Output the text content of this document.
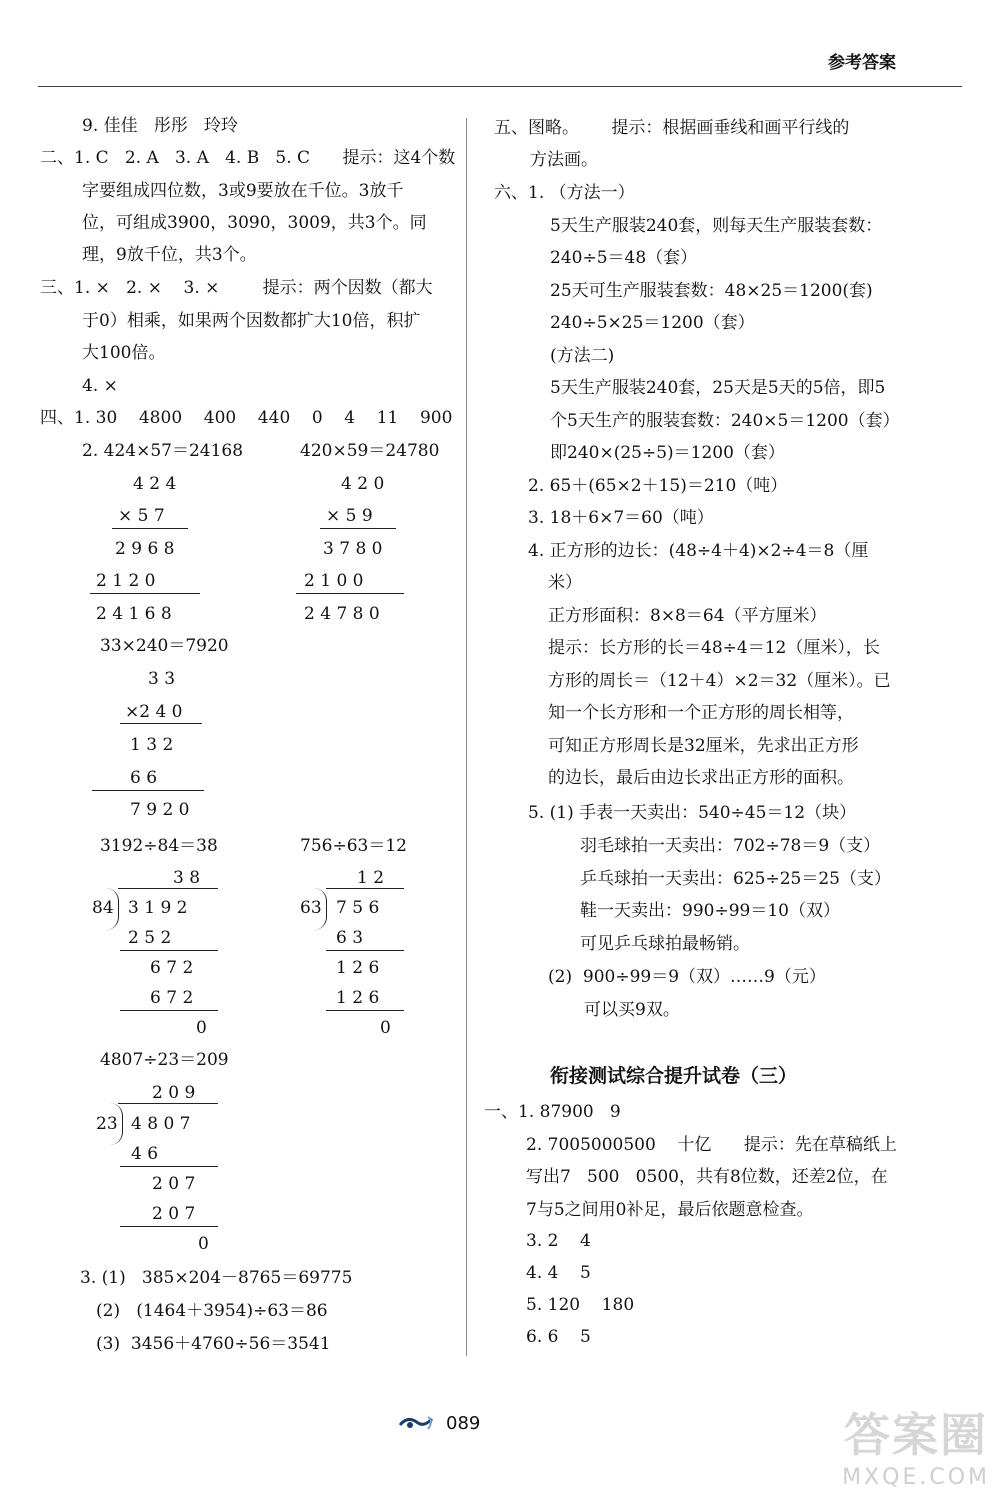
参考答案
9. 佳佳   彤彤   玲玲
二、1. C   2. A   3. A   4. B   5. C      提示：这4个数
字要组成四位数，3或9要放在千位。3放千
位，可组成3900，3090，3009，共3个。同
理，9放千位，共3个。
三、1. ×   2. ×    3. ×        提示：两个因数（都大
于0）相乘，如果两个因数都扩大10倍，积扩
大100倍。
4. ×
四、1. 30    4800    400    440    0    4    11    900
2. 424×57＝24168
4 2 4
× 5 7
2 9 6 8
2 1 2 0
2 4 1 6 8
420×59＝24780
4 2 0
× 5 9
3 7 8 0
2 1 0 0
2 4 7 8 0
33×240＝7920
3 3
×2 4 0
1 3 2
6 6
7 9 2 0
3192÷84＝38
3 8
84 3 1 9 2
2 5 2
6 7 2
6 7 2
0
756÷63＝12
1 2
63 7 5 6
6 3
1 2 6
1 2 6
0
4807÷23＝209
2 0 9
23 4 8 0 7
4 6
2 0 7
2 0 7
0
3. (1)   385×204－8765＝69775
(2)   (1464＋3954)÷63＝86
(3)  3456＋4760÷56＝3541
五、图略。      提示：根据画垂线和画平行线的
方法画。
六、1. （方法一）
5天生产服装240套，则每天生产服装套数：
240÷5＝48（套）
25天可生产服装套数：48×25＝1200(套)
240÷5×25＝1200（套）
(方法二)
5天生产服装240套，25天是5天的5倍，即5
个5天生产的服装套数：240×5＝1200（套）
即240×(25÷5)＝1200（套）
2. 65＋(65×2＋15)＝210（吨）
3. 18＋6×7＝60（吨）
4. 正方形的边长：(48÷4＋4)×2÷4＝8（厘
米）
正方形面积：8×8＝64（平方厘米）
提示：长方形的长＝48÷4＝12（厘米），长
方形的周长＝（12＋4）×2＝32（厘米）。已
知一个长方形和一个正方形的周长相等，
可知正方形周长是32厘米，先求出正方形
的边长，最后由边长求出正方形的面积。
5. (1) 手表一天卖出：540÷45＝12（块）
羽毛球拍一天卖出：702÷78＝9（支）
乒乓球拍一天卖出：625÷25＝25（支）
鞋一天卖出：990÷99＝10（双）
可见乒乓球拍最畅销。
(2)  900÷99＝9（双）……9（元）
可以买9双。
衔接测试综合提升试卷（三）
一、1. 87900   9
2. 7005000500    十亿      提示：先在草稿纸上
写出7   500   0500，共有8位数，还差2位，在
7与5之间用0补足，最后依题意检查。
3. 2    4
4. 4    5
5. 120    180
6. 6    5
089	答案圈
MXQE.COM
